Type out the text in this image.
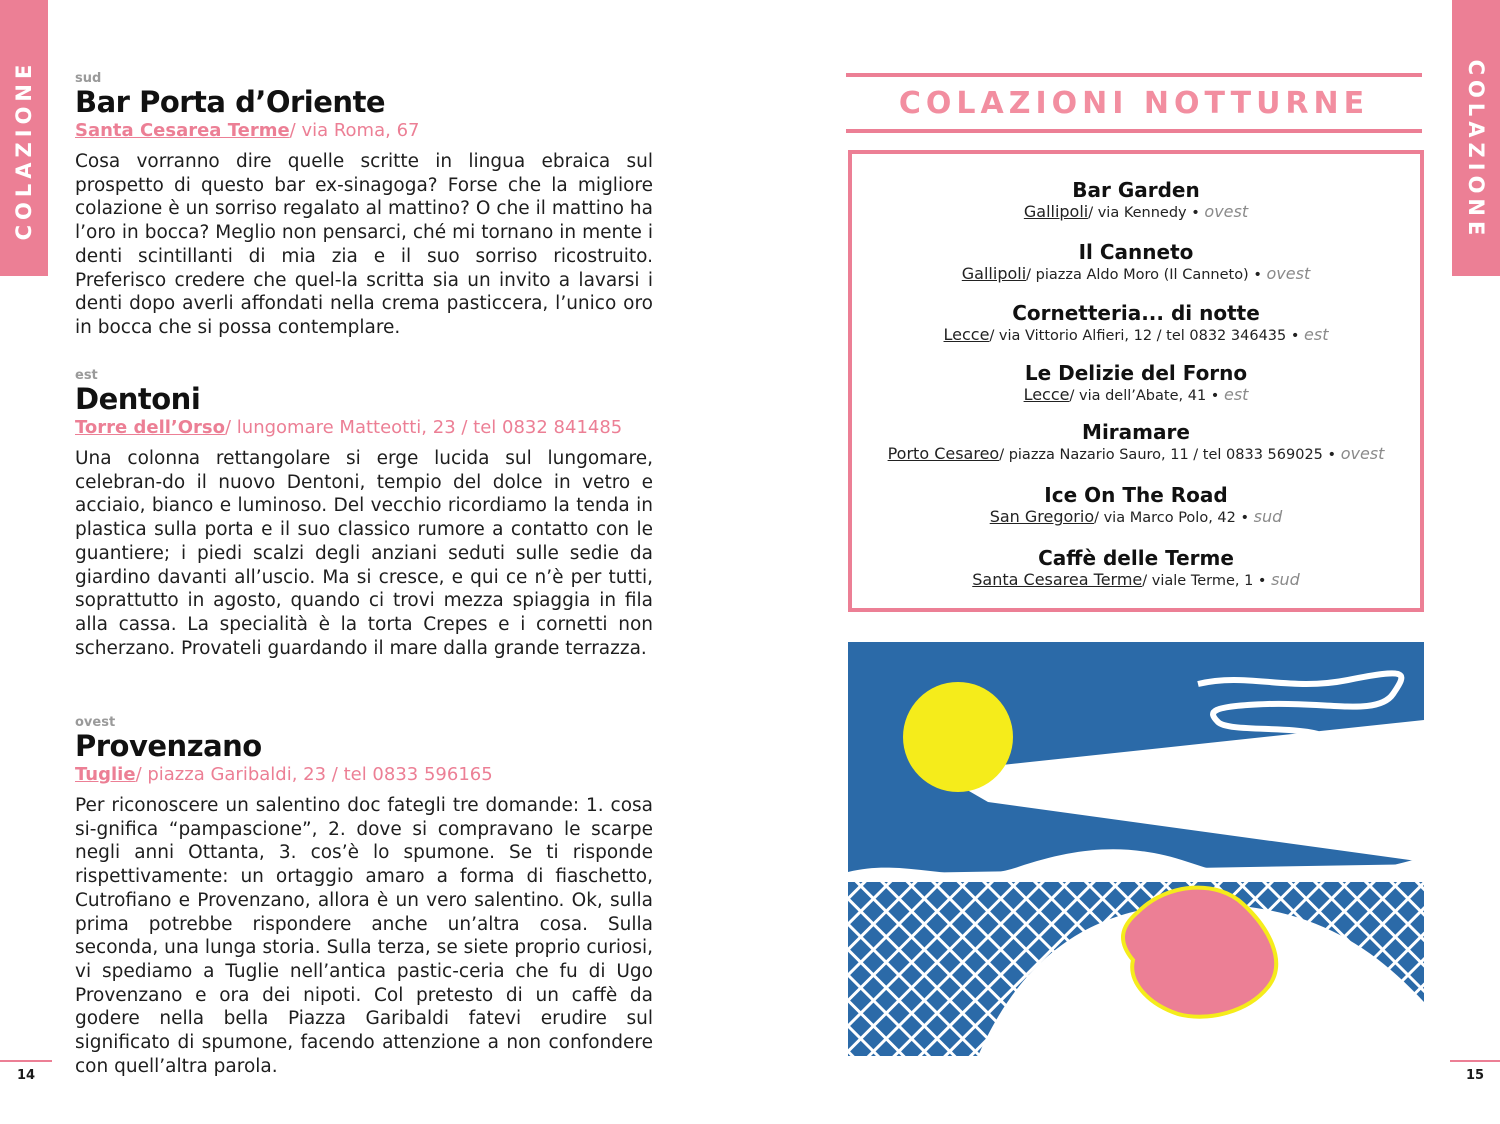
COLAZIONE	COLAZIONE
sud
Bar Porta d’Oriente
Santa Cesarea Terme/ via Roma, 67
Cosa vorranno dire quelle scritte in lingua ebraica sul prospetto di questo bar ex-sinagoga? Forse che la migliore colazione è un sorriso regalato al mattino? O che il mattino ha l’oro in bocca? Meglio non pensarci, ché mi tornano in mente i denti scintillanti di mia zia e il suo sorriso ricostruito. Preferisco credere che quel-la scritta sia un invito a lavarsi i denti dopo averli affondati nella crema pasticcera, l’unico oro in bocca che si possa contemplare.
est
Dentoni
Torre dell’Orso/ lungomare Matteotti, 23 / tel 0832 841485
Una colonna rettangolare si erge lucida sul lungomare, celebran-do il nuovo Dentoni, tempio del dolce in vetro e acciaio, bianco e luminoso. Del vecchio ricordiamo la tenda in plastica sulla porta e il suo classico rumore a contatto con le guantiere; i piedi scalzi degli anziani seduti sulle sedie da giardino davanti all’uscio. Ma si cresce, e qui ce n’è per tutti, soprattutto in agosto, quando ci trovi mezza spiaggia in fila alla cassa. La specialità è la torta Crepes e i cornetti non scherzano. Provateli guardando il mare dalla grande terrazza.
ovest
Provenzano
Tuglie/ piazza Garibaldi, 23 / tel 0833 596165
Per riconoscere un salentino doc fategli tre domande: 1. cosa si-gnifica “pampascione”, 2. dove si compravano le scarpe negli anni Ottanta, 3. cos’è lo spumone. Se ti risponde rispettivamente: un ortaggio amaro a forma di fiaschetto, Cutrofiano e Provenzano, allora è un vero salentino. Ok, sulla prima potrebbe rispondere anche un’altra cosa. Sulla seconda, una lunga storia. Sulla terza, se siete proprio curiosi, vi spediamo a Tuglie nell’antica pastic-ceria che fu di Ugo Provenzano e ora dei nipoti. Col pretesto di un caffè da godere nella bella Piazza Garibaldi fatevi erudire sul significato di spumone, facendo attenzione a non confondere con quell’altra parola.
COLAZIONI NOTTURNE
Bar Garden
Gallipoli/ via Kennedy • ovest
Il Canneto
Gallipoli/ piazza Aldo Moro (Il Canneto) • ovest
Cornetteria... di notte
Lecce/ via Vittorio Alfieri, 12 / tel 0832 346435 • est
Le Delizie del Forno
Lecce/ via dell’Abate, 41 • est
Miramare
Porto Cesareo/ piazza Nazario Sauro, 11 / tel 0833 569025 • ovest
Ice On The Road
San Gregorio/ via Marco Polo, 42 • sud
Caffè delle Terme
Santa Cesarea Terme/ viale Terme, 1 • sud
14	15
